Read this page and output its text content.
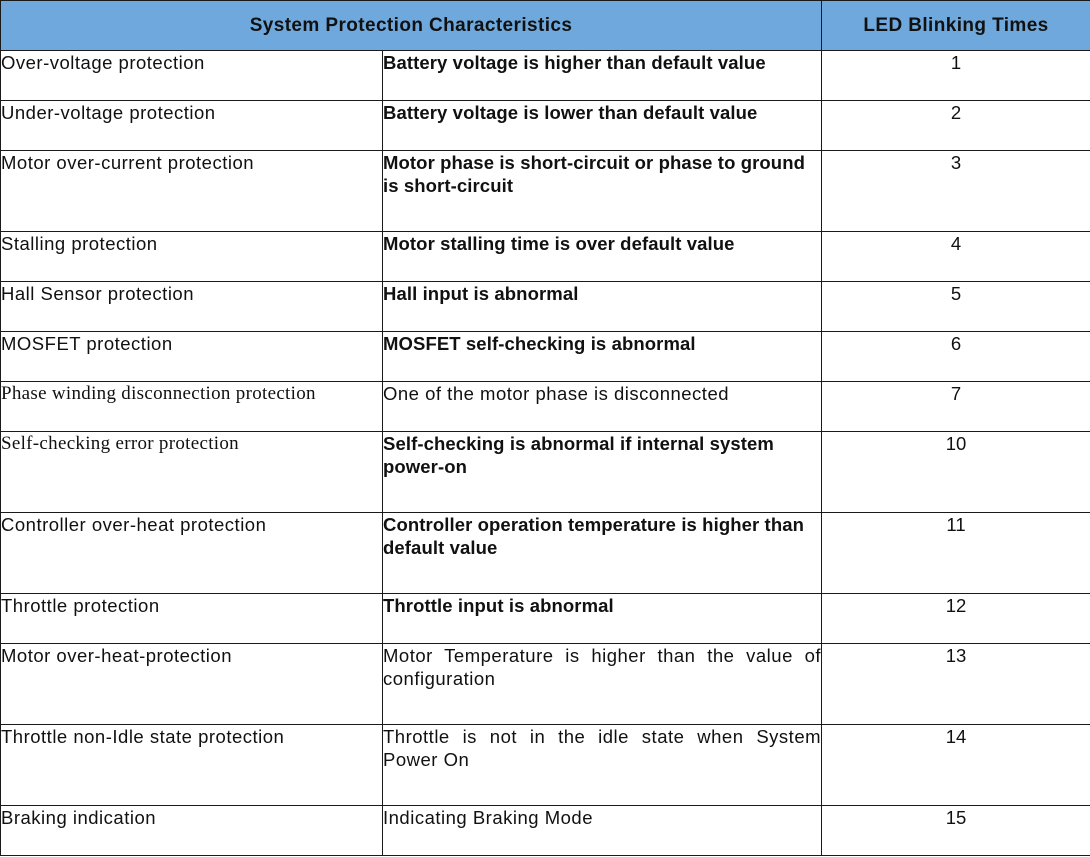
System Protection Characteristics		LED Blinking Times
Over-voltage protection	Battery voltage is higher than default value	1
Under-voltage protection	Battery voltage is lower than default value	2
Motor over-current protection	Motor phase is short-circuit or phase to ground is short-circuit	3
Stalling protection	Motor stalling time is over default value	4
Hall Sensor protection	Hall input is abnormal	5
MOSFET protection	MOSFET self-checking is abnormal	6
Phase winding disconnection protection	One of the motor phase is disconnected	7
Self-checking error protection	Self-checking is abnormal if internal system power-on	10
Controller over-heat protection	Controller operation temperature is higher than default value	11
Throttle protection	Throttle input is abnormal	12
Motor over-heat-protection	Motor Temperature is higher than the value of configuration	13
Throttle non-Idle state protection	Throttle is not in the idle state when System Power On	14
Braking indication	Indicating Braking Mode	15
